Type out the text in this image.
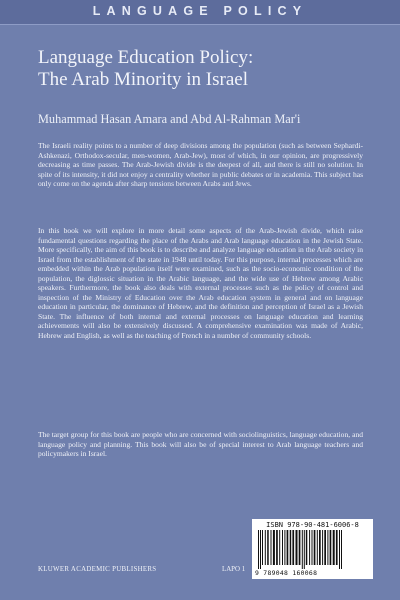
LANGUAGE POLICY
Language Education Policy:
The Arab Minority in Israel
Muhammad Hasan Amara and Abd Al-Rahman Mar'i

The Israeli reality points to a number of deep divisions among the population (such as between Sephardi-Ashkenazi, Orthodox-secular, men-women, Arab-Jew), most of which, in our opinion, are progressively decreasing as time passes. The Arab-Jewish divide is the deepest of all, and there is still no solution. In spite of its intensity, it did not enjoy a centrality whether in public debates or in academia. This subject has only come on the agenda after sharp tensions between Arabs and Jews.

In this book we will explore in more detail some aspects of the Arab-Jewish divide, which raise fundamental questions regarding the place of the Arabs and Arab language education in the Jewish State. More specifically, the aim of this book is to describe and analyze language education in the Arab society in Israel from the establishment of the state in 1948 until today. For this purpose, internal processes which are embedded within the Arab population itself were examined, such as the socio-economic condition of the population, the diglossic situation in the Arabic language, and the wide use of Hebrew among Arabic speakers. Furthermore, the book also deals with external processes such as the policy of control and inspection of the Ministry of Education over the Arab education system in general and on language education in particular, the dominance of Hebrew, and the definition and perception of Israel as a Jewish State. The influence of both internal and external processes on language education and learning achievements will also be extensively discussed. A comprehensive examination was made of Arabic, Hebrew and English, as well as the teaching of French in a number of community schools.

The target group for this book are people who are concerned with sociolinguistics, language education, and language policy and planning. This book will also be of special interest to Arab language teachers and policymakers in Israel.

ISBN 978-90-481-6006-8
9 789048 160068
KLUWER ACADEMIC PUBLISHERS	LAPO 1
